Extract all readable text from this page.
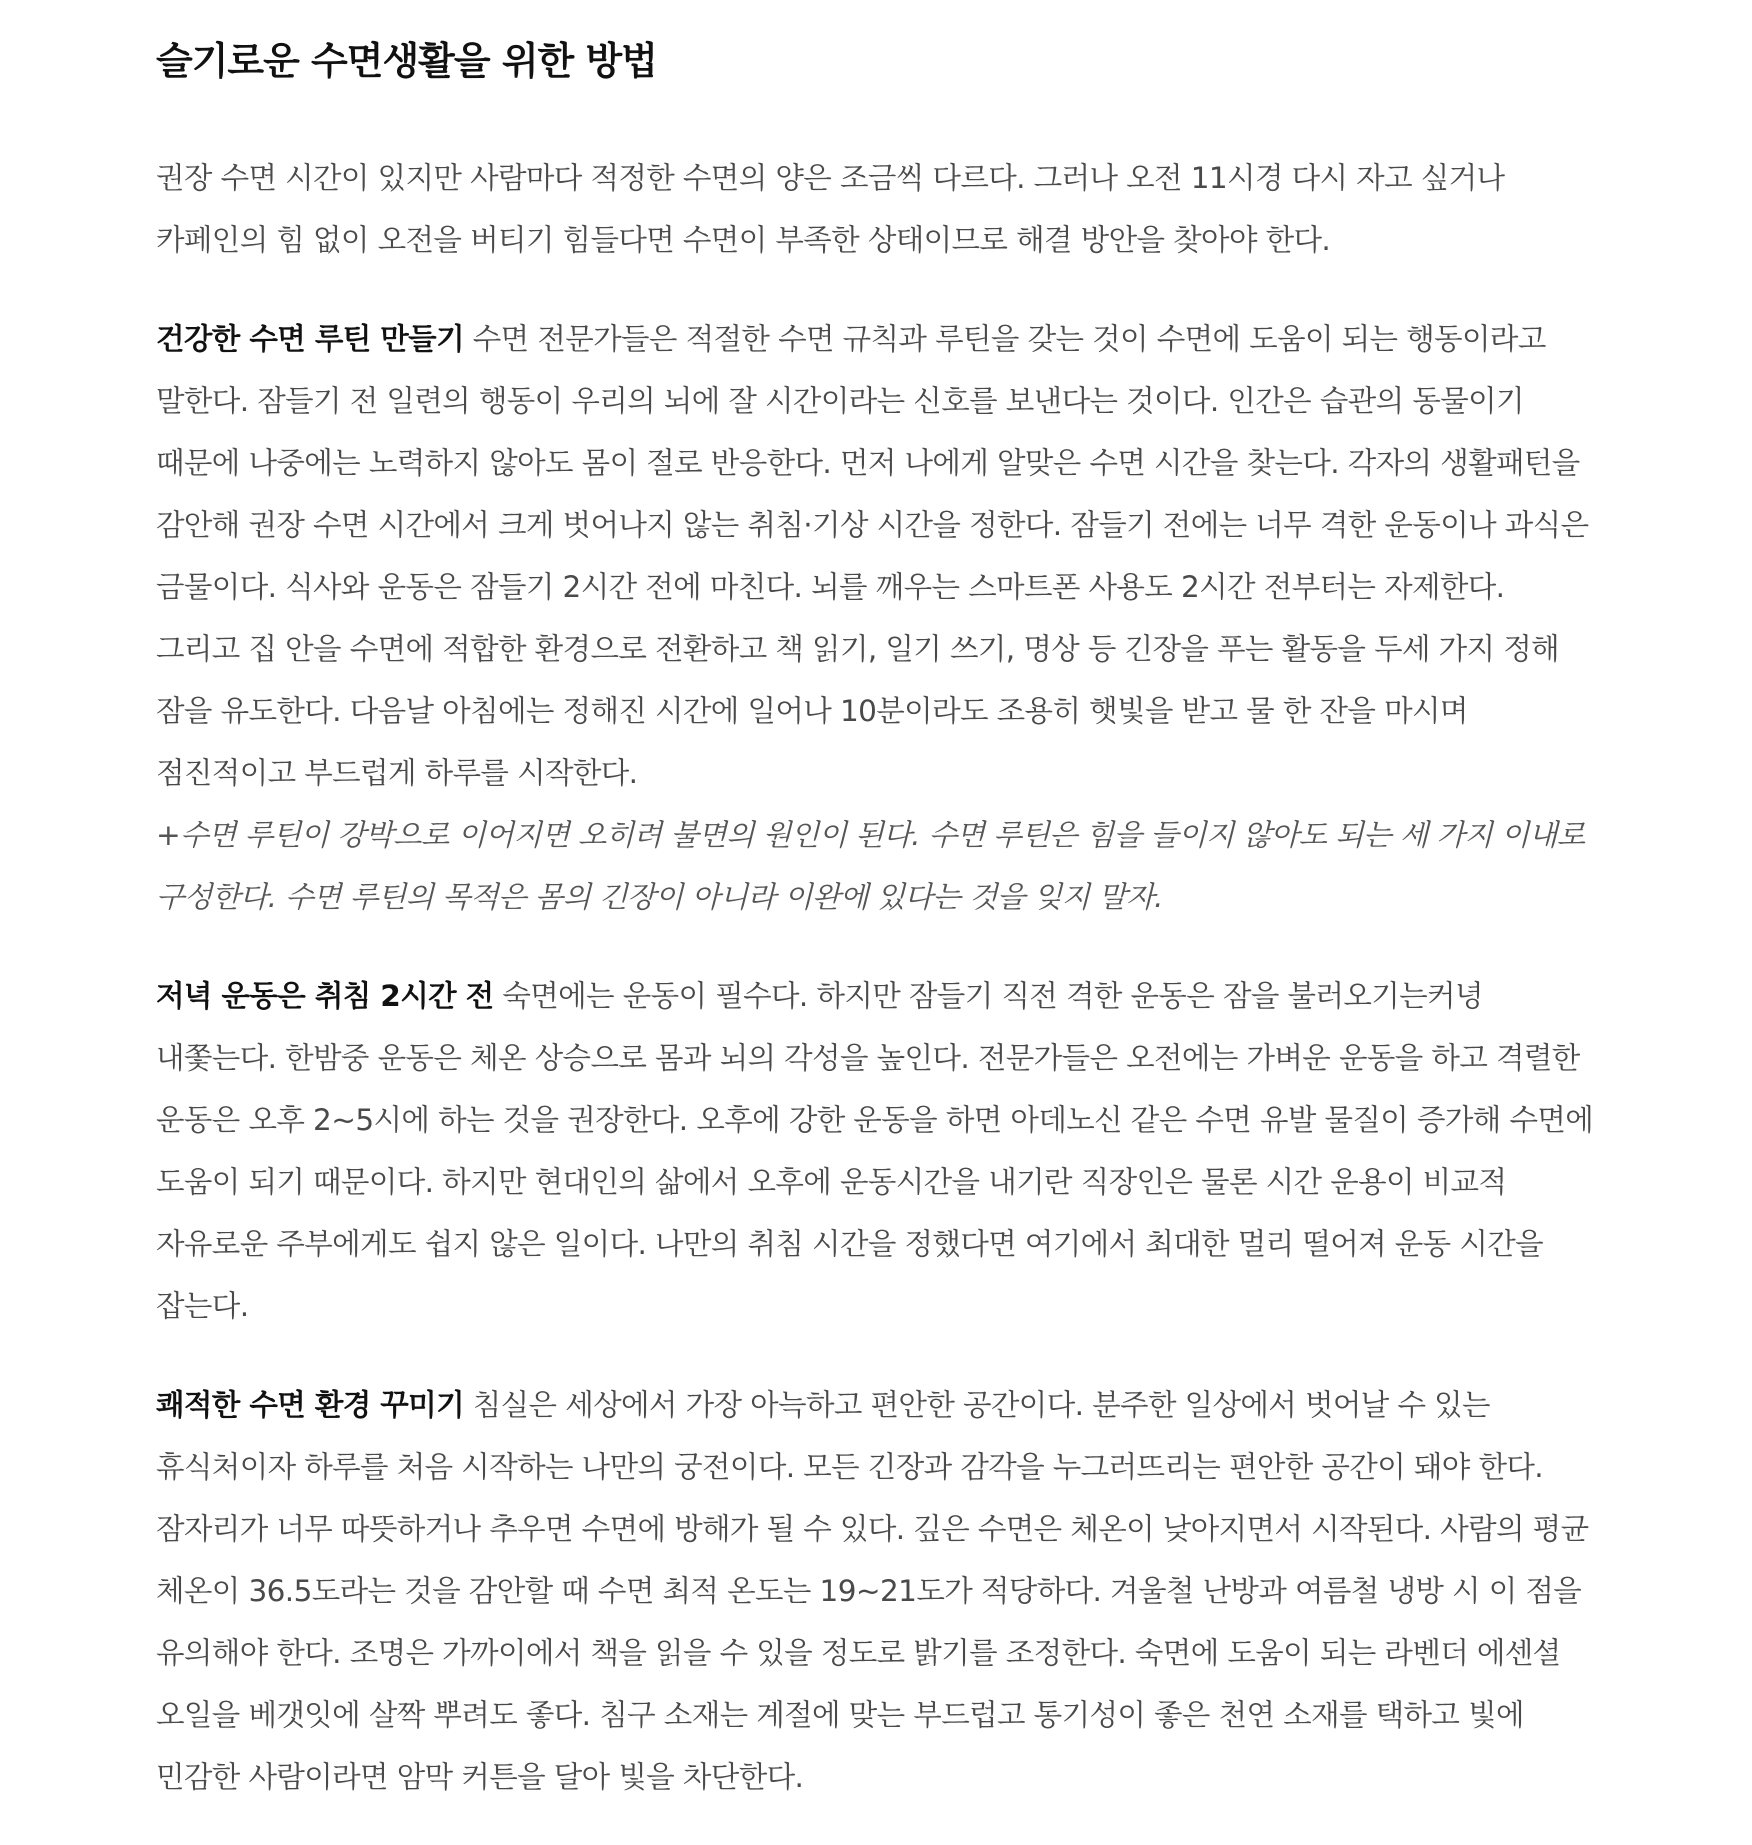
슬기로운 수면생활을 위한 방법

권장 수면 시간이 있지만 사람마다 적정한 수면의 양은 조금씩 다르다. 그러나 오전 11시경 다시 자고 싶거나 카페인의 힘 없이 오전을 버티기 힘들다면 수면이 부족한 상태이므로 해결 방안을 찾아야 한다.

건강한 수면 루틴 만들기 수면 전문가들은 적절한 수면 규칙과 루틴을 갖는 것이 수면에 도움이 되는 행동이라고 말한다. 잠들기 전 일련의 행동이 우리의 뇌에 잘 시간이라는 신호를 보낸다는 것이다. 인간은 습관의 동물이기 때문에 나중에는 노력하지 않아도 몸이 절로 반응한다. 먼저 나에게 알맞은 수면 시간을 찾는다. 각자의 생활패턴을 감안해 권장 수면 시간에서 크게 벗어나지 않는 취침·기상 시간을 정한다. 잠들기 전에는 너무 격한 운동이나 과식은 금물이다. 식사와 운동은 잠들기 2시간 전에 마친다. 뇌를 깨우는 스마트폰 사용도 2시간 전부터는 자제한다. 그리고 집 안을 수면에 적합한 환경으로 전환하고 책 읽기, 일기 쓰기, 명상 등 긴장을 푸는 활동을 두세 가지 정해 잠을 유도한다. 다음날 아침에는 정해진 시간에 일어나 10분이라도 조용히 햇빛을 받고 물 한 잔을 마시며 점진적이고 부드럽게 하루를 시작한다.

+수면 루틴이 강박으로 이어지면 오히려 불면의 원인이 된다. 수면 루틴은 힘을 들이지 않아도 되는 세 가지 이내로 구성한다. 수면 루틴의 목적은 몸의 긴장이 아니라 이완에 있다는 것을 잊지 말자.

저녁 운동은 취침 2시간 전 숙면에는 운동이 필수다. 하지만 잠들기 직전 격한 운동은 잠을 불러오기는커녕 내쫓는다. 한밤중 운동은 체온 상승으로 몸과 뇌의 각성을 높인다. 전문가들은 오전에는 가벼운 운동을 하고 격렬한 운동은 오후 2~5시에 하는 것을 권장한다. 오후에 강한 운동을 하면 아데노신 같은 수면 유발 물질이 증가해 수면에 도움이 되기 때문이다. 하지만 현대인의 삶에서 오후에 운동시간을 내기란 직장인은 물론 시간 운용이 비교적 자유로운 주부에게도 쉽지 않은 일이다. 나만의 취침 시간을 정했다면 여기에서 최대한 멀리 떨어져 운동 시간을 잡는다.

쾌적한 수면 환경 꾸미기 침실은 세상에서 가장 아늑하고 편안한 공간이다. 분주한 일상에서 벗어날 수 있는 휴식처이자 하루를 처음 시작하는 나만의 궁전이다. 모든 긴장과 감각을 누그러뜨리는 편안한 공간이 돼야 한다. 잠자리가 너무 따뜻하거나 추우면 수면에 방해가 될 수 있다. 깊은 수면은 체온이 낮아지면서 시작된다. 사람의 평균 체온이 36.5도라는 것을 감안할 때 수면 최적 온도는 19~21도가 적당하다. 겨울철 난방과 여름철 냉방 시 이 점을 유의해야 한다. 조명은 가까이에서 책을 읽을 수 있을 정도로 밝기를 조정한다. 숙면에 도움이 되는 라벤더 에센셜 오일을 베갯잇에 살짝 뿌려도 좋다. 침구 소재는 계절에 맞는 부드럽고 통기성이 좋은 천연 소재를 택하고 빛에 민감한 사람이라면 암막 커튼을 달아 빛을 차단한다.
